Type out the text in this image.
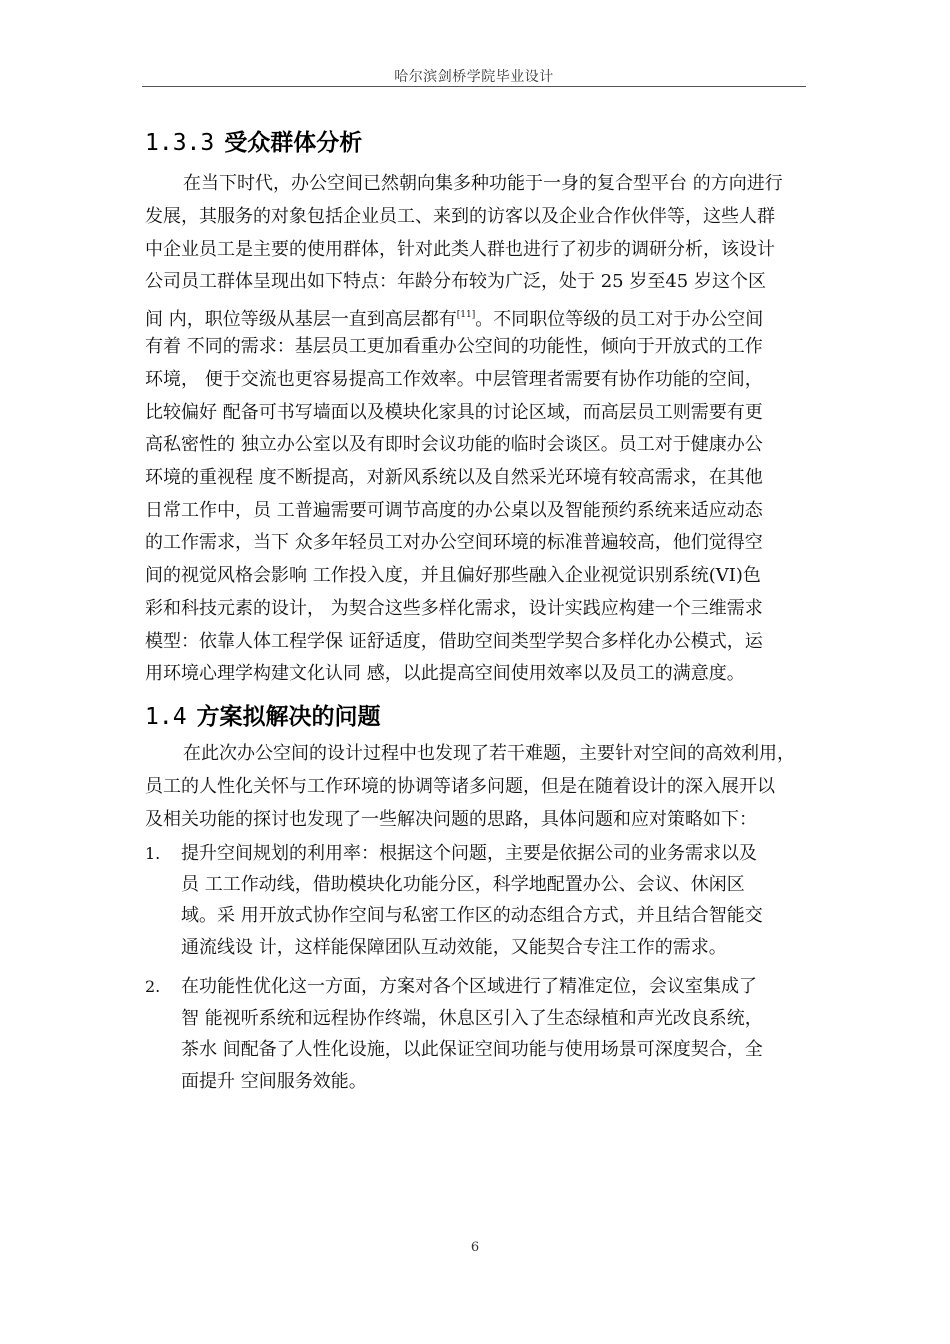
哈尔滨剑桥学院毕业设计
1.3.3 受众群体分析
在当下时代，办公空间已然朝向集多种功能于一身的复合型平台 的方向进行
发展，其服务的对象包括企业员工、来到的访客以及企业合作伙伴等，这些人群
中企业员工是主要的使用群体，针对此类人群也进行了初步的调研分析，该设计
公司员工群体呈现出如下特点：年龄分布较为广泛，处于 25 岁至45 岁这个区
间 内，职位等级从基层一直到高层都有[11]。不同职位等级的员工对于办公空间
有着 不同的需求：基层员工更加看重办公空间的功能性，倾向于开放式的工作
环境， 便于交流也更容易提高工作效率。中层管理者需要有协作功能的空间，
比较偏好 配备可书写墙面以及模块化家具的讨论区域，而高层员工则需要有更
高私密性的 独立办公室以及有即时会议功能的临时会谈区。员工对于健康办公
环境的重视程 度不断提高，对新风系统以及自然采光环境有较高需求，在其他
日常工作中，员 工普遍需要可调节高度的办公桌以及智能预约系统来适应动态
的工作需求，当下 众多年轻员工对办公空间环境的标准普遍较高，他们觉得空
间的视觉风格会影响 工作投入度，并且偏好那些融入企业视觉识别系统(VI)色
彩和科技元素的设计， 为契合这些多样化需求，设计实践应构建一个三维需求
模型：依靠人体工程学保 证舒适度，借助空间类型学契合多样化办公模式，运
用环境心理学构建文化认同 感，以此提高空间使用效率以及员工的满意度。
1.4 方案拟解决的问题
在此次办公空间的设计过程中也发现了若干难题，主要针对空间的高效利用，
员工的人性化关怀与工作环境的协调等诸多问题，但是在随着设计的深入展开以
及相关功能的探讨也发现了一些解决问题的思路，具体问题和应对策略如下：
1. 提升空间规划的利用率：根据这个问题，主要是依据公司的业务需求以及
员 工工作动线，借助模块化功能分区，科学地配置办公、会议、休闲区
域。采 用开放式协作空间与私密工作区的动态组合方式，并且结合智能交
通流线设 计，这样能保障团队互动效能，又能契合专注工作的需求。
2. 在功能性优化这一方面，方案对各个区域进行了精准定位，会议室集成了
智 能视听系统和远程协作终端，休息区引入了生态绿植和声光改良系统，
茶水 间配备了人性化设施，以此保证空间功能与使用场景可深度契合，全
面提升 空间服务效能。
6
